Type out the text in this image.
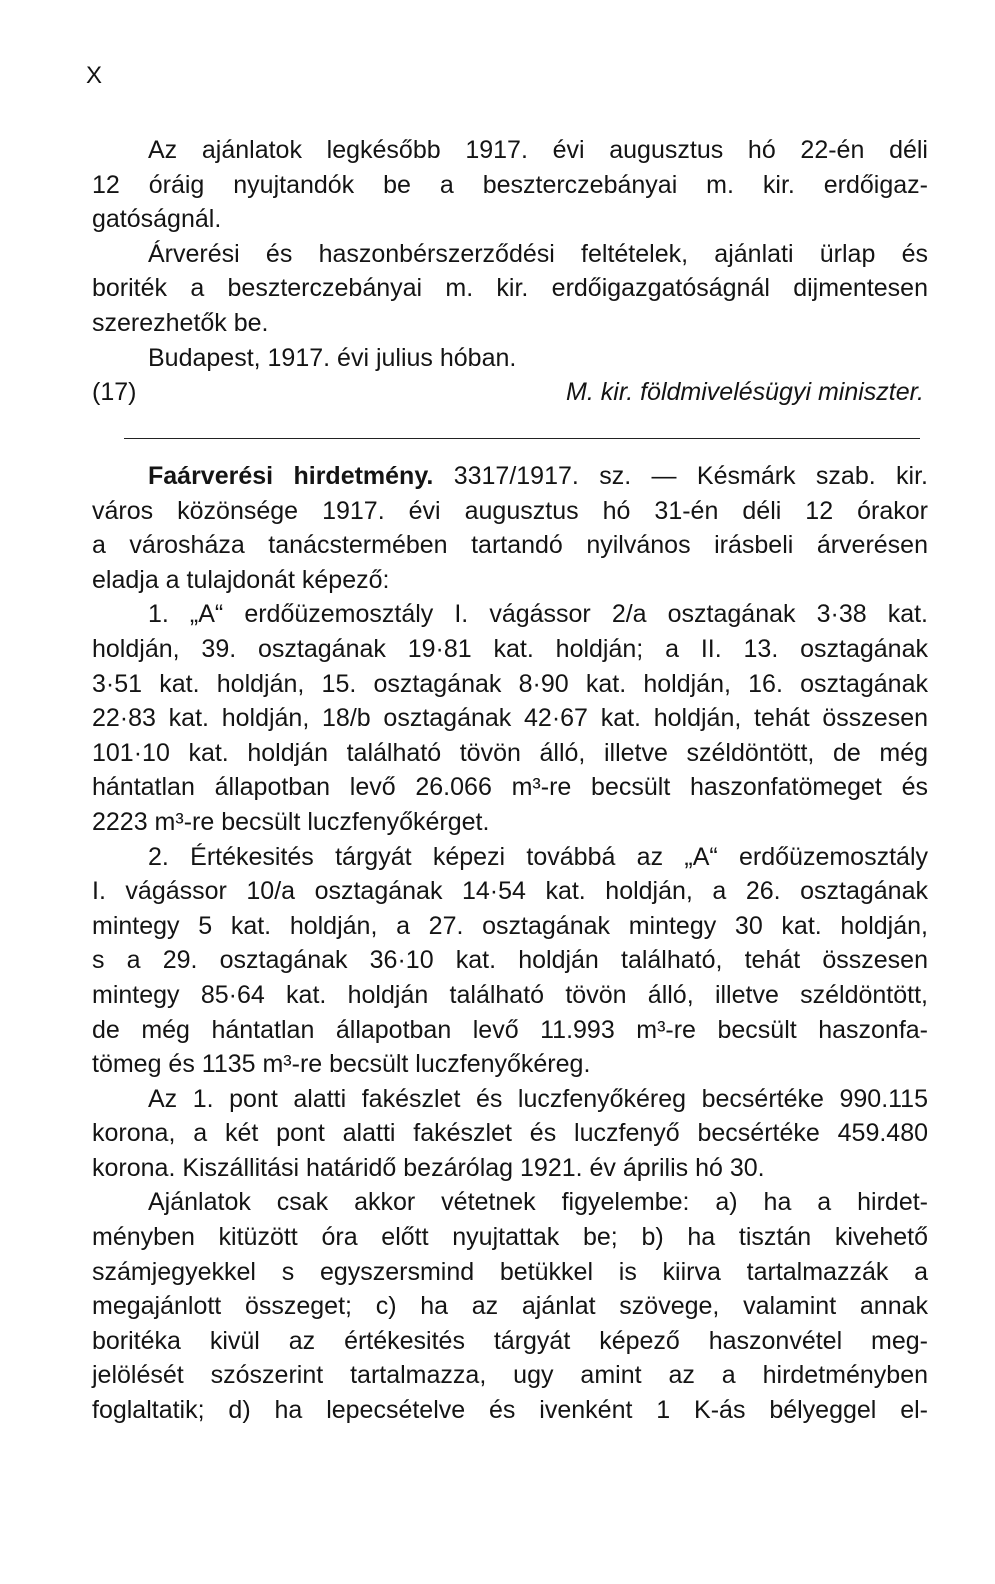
X
Az ajánlatok legkésőbb 1917. évi augusztus hó 22-én déli
12 óráig nyujtandók be a beszterczebányai m. kir. erdőigaz-
gatóságnál.
Árverési és haszonbérszerződési feltételek, ajánlati ürlap és
boriték a beszterczebányai m. kir. erdőigazgatóságnál dijmentesen
szerezhetők be.
Budapest, 1917. évi julius hóban.
(17)	M. kir. földmivelésügyi miniszter.
Faárverési hirdetmény. 3317/1917. sz. — Késmárk szab. kir.
város közönsége 1917. évi augusztus hó 31-én déli 12 órakor
a városháza tanácstermében tartandó nyilvános irásbeli árverésen
eladja a tulajdonát képező:
1. „A“ erdőüzemosztály I. vágássor 2/a osztagának 3·38 kat.
holdján, 39. osztagának 19·81 kat. holdján; a II. 13. osztagának
3·51 kat. holdján, 15. osztagának 8·90 kat. holdján, 16. osztagának
22·83 kat. holdján, 18/b osztagának 42·67 kat. holdján, tehát összesen
101·10 kat. holdján található tövön álló, illetve széldöntött, de még
hántatlan állapotban levő 26.066 m³-re becsült haszonfatömeget és
2223 m³-re becsült luczfenyőkérget.
2. Értékesités tárgyát képezi továbbá az „A“ erdőüzemosztály
I. vágássor 10/a osztagának 14·54 kat. holdján, a 26. osztagának
mintegy 5 kat. holdján, a 27. osztagának mintegy 30 kat. holdján,
s a 29. osztagának 36·10 kat. holdján található, tehát összesen
mintegy 85·64 kat. holdján található tövön álló, illetve széldöntött,
de még hántatlan állapotban levő 11.993 m³-re becsült haszonfa-
tömeg és 1135 m³-re becsült luczfenyőkéreg.
Az 1. pont alatti fakészlet és luczfenyőkéreg becsértéke 990.115
korona, a két pont alatti fakészlet és luczfenyő becsértéke 459.480
korona. Kiszállitási határidő bezárólag 1921. év április hó 30.
Ajánlatok csak akkor vétetnek figyelembe: a) ha a hirdet-
ményben kitüzött óra előtt nyujtattak be; b) ha tisztán kivehető
számjegyekkel s egyszersmind betükkel is kiirva tartalmazzák a
megajánlott összeget; c) ha az ajánlat szövege, valamint annak
boritéka kivül az értékesités tárgyát képező haszonvétel meg-
jelölését szószerint tartalmazza, ugy amint az a hirdetményben
foglaltatik; d) ha lepecsételve és ivenként 1 K-ás bélyeggel el-
